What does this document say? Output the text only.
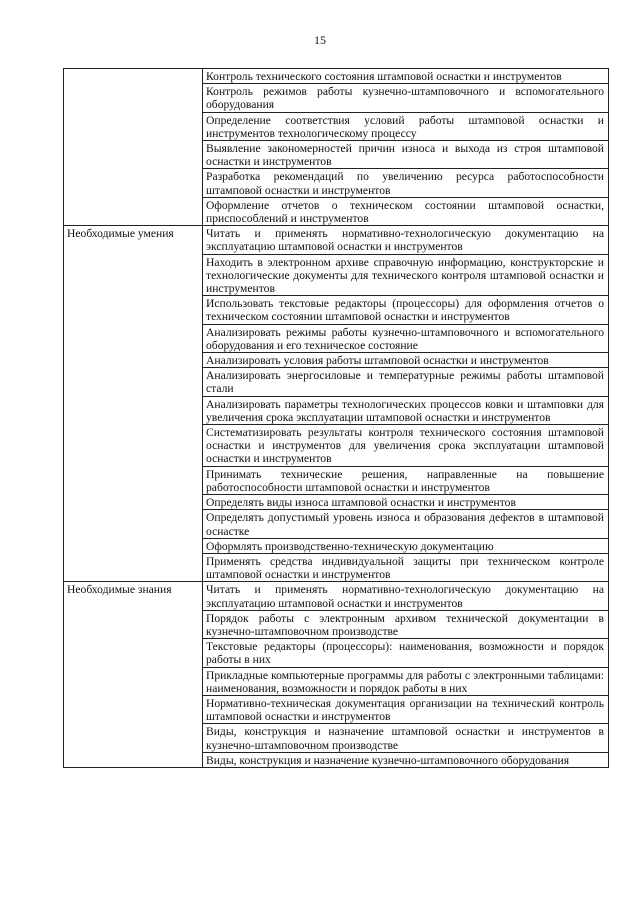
15
	Контроль технического состояния штамповой оснастки и инструментов
	Контроль режимов работы кузнечно-штамповочного и вспомогательного оборудования
	Определение соответствия условий работы штамповой оснастки и инструментов технологическому процессу
	Выявление закономерностей причин износа и выхода из строя штамповой оснастки и инструментов
	Разработка рекомендаций по увеличению ресурса работоспособности штамповой оснастки и инструментов
	Оформление отчетов о техническом состоянии штамповой оснастки, приспособлений и инструментов
Необходимые умения	Читать и применять нормативно-технологическую документацию на эксплуатацию штамповой оснастки и инструментов
	Находить в электронном архиве справочную информацию, конструкторские и технологические документы для технического контроля штамповой оснастки и инструментов
	Использовать текстовые редакторы (процессоры) для оформления отчетов о техническом состоянии штамповой оснастки и инструментов
	Анализировать режимы работы кузнечно-штамповочного и вспомогательного оборудования и его техническое состояние
	Анализировать условия работы штамповой оснастки и инструментов
	Анализировать энергосиловые и температурные режимы работы штамповой стали
	Анализировать параметры технологических процессов ковки и штамповки для увеличения срока эксплуатации штамповой оснастки и инструментов
	Систематизировать результаты контроля технического состояния штамповой оснастки и инструментов для увеличения срока эксплуатации штамповой оснастки и инструментов
	Принимать технические решения, направленные на повышение работоспособности штамповой оснастки и инструментов
	Определять виды износа штамповой оснастки и инструментов
	Определять допустимый уровень износа и образования дефектов в штамповой оснастке
	Оформлять производственно-техническую документацию
	Применять средства индивидуальной защиты при техническом контроле штамповой оснастки и инструментов
Необходимые знания	Читать и применять нормативно-технологическую документацию на эксплуатацию штамповой оснастки и инструментов
	Порядок работы с электронным архивом технической документации в кузнечно-штамповочном производстве
	Текстовые редакторы (процессоры): наименования, возможности и порядок работы в них
	Прикладные компьютерные программы для работы с электронными таблицами: наименования, возможности и порядок работы в них
	Нормативно-техническая документация организации на технический контроль штамповой оснастки и инструментов
	Виды, конструкция и назначение штамповой оснастки и инструментов в кузнечно-штамповочном производстве
	Виды, конструкция и назначение кузнечно-штамповочного оборудования
